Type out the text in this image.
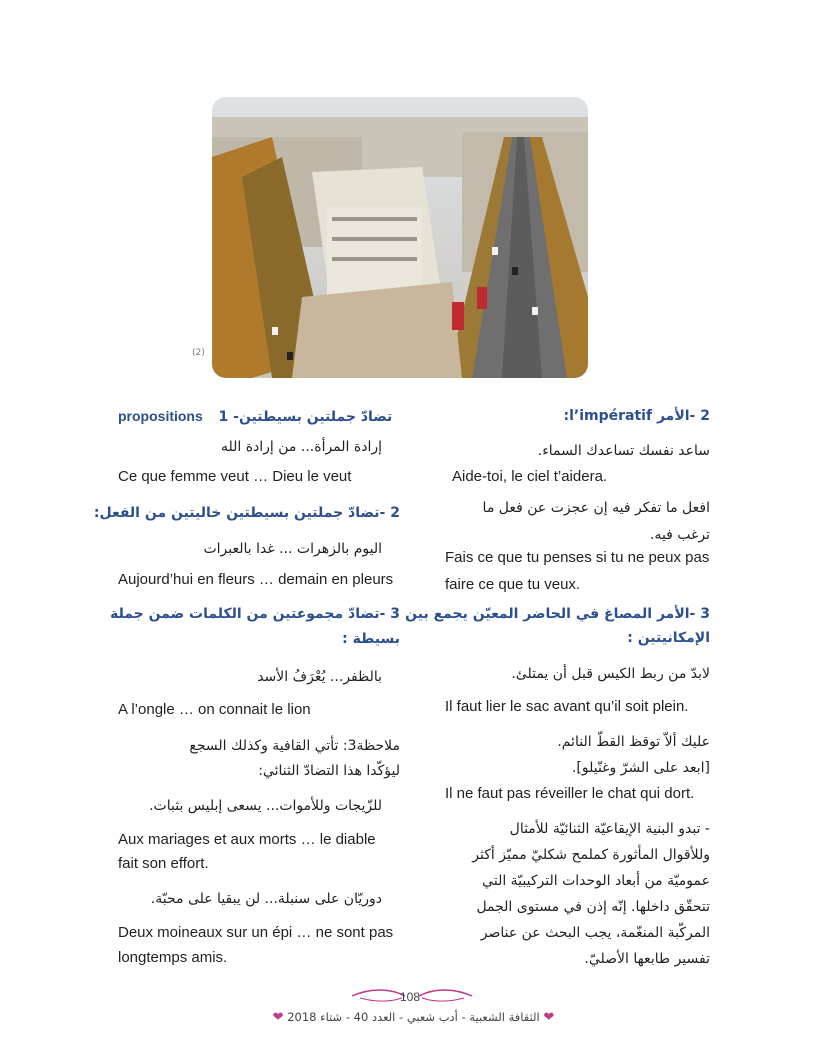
(2)
2 -الأمر l’impératif:
ساعد نفسك تساعدك السماء.
Aide-toi, le ciel t’aidera.
افعل ما تفكر فيه إن عجزت عن فعل ما
ترغب فيه.
Fais ce que tu penses si tu ne peux pas
faire ce que tu veux.
3 -الأمر المصاغ في الحاضر المعيّن يجمع بين
الإمكانيتين :
لابدّ من ربط الكيس قبل أن يمتلئ.
Il faut lier le sac avant qu’il soit plein.
عليك ألاّ توقظ القطّ النائم.
[ابعد على الشرّ وغنّيلو].
Il ne faut pas réveiller le chat qui dort.
- تبدو البنية الإيقاعيّة الثنائيّة للأمثال
وللأقوال المأثورة كملمح شكليّ مميّز أكثر
عموميّة من أبعاد الوحدات التركيبيّة التي
تتحقّق داخلها. إنّه إذن في مستوى الجمل
المركّبة المنغّمة، يجب البحث عن عناصر
تفسير طابعها الأصليّ.
propositions 1 -تضادّ جملتين بسيطتين
إرادة المرأة... من إرادة الله
Ce que femme veut … Dieu le veut
2 -تضادّ جملتين بسيطتين خاليتين من الفعل:
اليوم بالزهرات ... غدا بالعبرات
Aujourd’hui en fleurs … demain en pleurs
3 -تضادّ مجموعتين من الكلمات ضمن جملة
بسيطة :
بالظفر... يُعْرَفُ الأسد
A l’ongle … on connait le lion
ملاحظة3: تأتي القافية وكذلك السجع
ليؤكّدا هذا التضادّ الثنائي:
للزّيجات وللأموات... يسعى إبليس بثبات.
Aux mariages et aux morts … le diable
fait son effort.
دوريّان على سنبلة... لن يبقيا على محبّة.
Deux moineaux sur un épi … ne sont pas
longtemps amis.
108
❤ الثقافة الشعبية - أدب شعبي - العدد 40 - شتاء 2018 ❤
